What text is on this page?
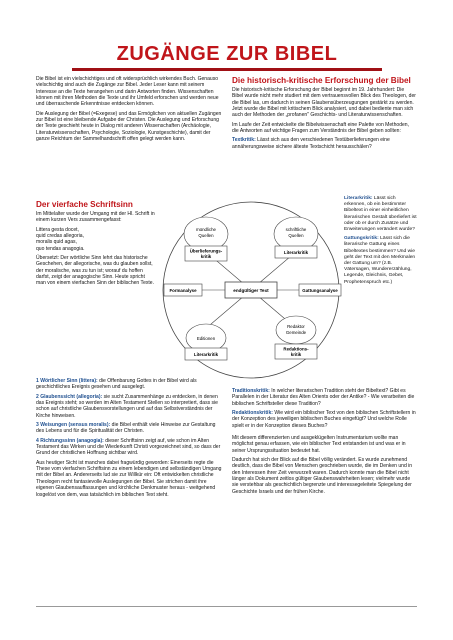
ZUGÄNGE ZUR BIBEL

Die Bibel ist ein vielschichtiges und oft widersprüchlich wirkendes Buch. Genauso vielschichtig sind auch die Zugänge zur Bibel. Jeder Leser kann mit seinem Interesse an die Texte herangehen und darin Antworten finden. Wissenschaften können mit ihren Methoden die Texte und ihr Umfeld erforschen und werden neue und überraschende Erkenntnisse entdecken können.

Die Auslegung der Bibel (=Exegese) und das Ermöglichen von aktuellen Zugängen zur Bibel ist eine bleibende Aufgabe der Christen. Die Auslegung und Erforschung der Texte geschieht heute in Dialog mit anderen Wissenschaften (Archäologie, Literaturwissenschaften, Psychologie, Soziologie, Kunstgeschichte), damit der ganze Reichtum der Sammelhandschrift offen gelegt werden kann.

Der vierfache Schriftsinn

Im Mittelalter wurde der Umgang mit der Hl. Schrift in einem kurzen Vers zusammengefasst:

Littera gesta docet,
quid credas allegoria,
moralis quid agas,
quo tendas anagogia.

Übersetzt: Der wörtliche Sinn lehrt das historische Geschehen, der allegorische, was du glauben sollst, der moralische, was zu tun ist; worauf du hoffen darfst, zeigt der anagogische Sinn. Heute spricht man von einem vierfachen Sinn der biblischen Texte.

1 Wörtlicher Sinn (littera): die Offenbarung Gottes in der Bibel wird als geschichtliches Ereignis gesehen und ausgelegt.

2 Glaubenssicht (allegoria): sie sucht Zusammenhänge zu entdecken, in denen das Ereignis steht; so werden im Alten Testament Stellen so interpretiert, dass sie schon auf christliche Glaubensvorstellungen und auf das Selbstverständnis der Kirche hinweisen.

3 Weisungen (sensus moralis): die Bibel enthält viele Hinweise zur Gestaltung des Lebens und für die Spiritualität der Christen.

4 Richtungssinn (anagogia): dieser Schriftsinn zeigt auf, wie schon im Alten Testament das Wirken und die Wiederkunft Christi vorgezeichnet sind, so dass der Grund der christlichen Hoffnung sichtbar wird.

Aus heutiger Sicht ist manches dabei fragwürdig geworden: Einerseits regte die These vom vierfachen Schriftsinn zu einem lebendigen und selbständigen Umgang mit der Bibel an. Andererseits lud sie zur Willkür ein: Oft entwickelten christliche Theologen recht fantasievolle Auslegungen der Bibel. Sie strichen damit ihre eigenen Glaubensauffassungen und kirchliche Denkmuster heraus - weitgehend losgelöst von dem, was tatsächlich im biblischen Text steht.

Die historisch-kritische Erforschung der Bibel

Die historisch-kritische Erforschung der Bibel beginnt im 19. Jahrhundert: Die Bibel wurde nicht mehr studiert mit dem vertrauensvollen Blick des Theologen, der die Bibel las, um dadurch in seinen Glaubensüberzeugungen gestärkt zu werden. Jetzt wurde die Bibel mit kritischem Blick analysiert, und dabei bediente man sich auch der Methoden der „profanen" Geschichts- und Literaturwissenschaften.

Im Laufe der Zeit entwickelte die Bibelwissenschaft eine Palette von Methoden, die Antworten auf wichtige Fragen zum Verständnis der Bibel geben sollten:

Textkritik: Lässt sich aus den verschiedenen Textüberlieferungen eine annäherungsweise sichere älteste Textschicht herausschälen?

mündliche
Quellen
Überlieferungs-
kritik
schriftliche
Quellen
Literarkritik
Formanalyse	Gattungsanalyse
endgültiger Text
Editionen
Literarkritik
Redaktor
Gemeinde
Redaktions-
kritik

Literarkritik: Lässt sich erkennen, ob ein bestimmter Bibeltext in einer einheitlichen literarischen Gestalt überliefert ist oder ob er durch Zusätze und Erweiterungen verändert wurde?

Gattungskritik: Lässt sich die literarische Gattung eines Bibeltextes bestimmen? Und wie geht der Text mit den Merkmalen der Gattung um? (z.B. Vätersagen, Wundererzählung, Legende, Gleichnis, Gebet, Prophetenspruch etc.)

Traditionskritik: In welcher literarischen Tradition steht der Bibeltext? Gibt es Parallelen in der Literatur des Alten Orients oder der Antike? - Wie verarbeiten die biblischen Schriftsteller diese Tradition?

Redaktionskritik: Wie wird ein biblischer Text von den biblischen Schriftstellern in der Konzeption des jeweiligen biblischen Buches eingefügt? Und welche Rolle spielt er in der Konzeption dieses Buches?

Mit diesem differenzierten und ausgeklügelten Instrumentarium wollte man möglichst genau erfassen, wie ein biblischer Text entstanden ist und was er in seiner Ursprungssituation bedeutet hat.

Dadurch hat sich der Blick auf die Bibel völlig verändert. Es wurde zunehmend deutlich, dass die Bibel von Menschen geschrieben wurde, die im Denken und in den Interessen ihrer Zeit verwurzelt waren. Dadurch konnte man die Bibel nicht länger als Dokument zeitlos gültiger Glaubenswahrheiten lesen; vielmehr wurde sie verstehbar als geschichtlich begrenzte und interessegeleitete Spiegelung der Geschichte Israels und der frühen Kirche.
